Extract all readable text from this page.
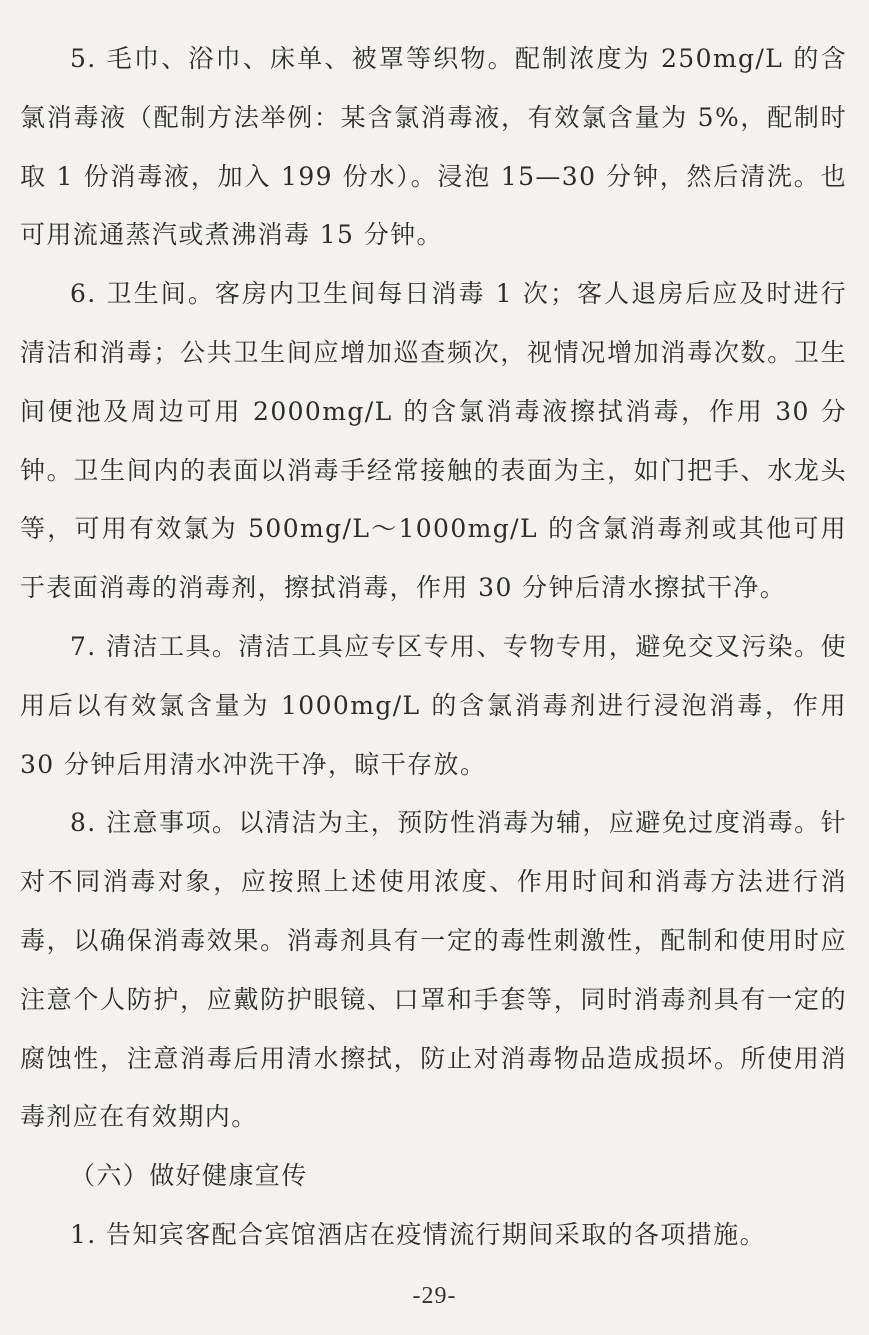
5. 毛巾、浴巾、床单、被罩等织物。配制浓度为 250mg/L 的含氯消毒液（配制方法举例：某含氯消毒液，有效氯含量为 5%，配制时取 1 份消毒液，加入 199 份水）。浸泡 15—30 分钟，然后清洗。也可用流通蒸汽或煮沸消毒 15 分钟。

6. 卫生间。客房内卫生间每日消毒 1 次；客人退房后应及时进行清洁和消毒；公共卫生间应增加巡查频次，视情况增加消毒次数。卫生间便池及周边可用 2000mg/L 的含氯消毒液擦拭消毒，作用 30 分钟。卫生间内的表面以消毒手经常接触的表面为主，如门把手、水龙头等，可用有效氯为 500mg/L～1000mg/L 的含氯消毒剂或其他可用于表面消毒的消毒剂，擦拭消毒，作用 30 分钟后清水擦拭干净。

7. 清洁工具。清洁工具应专区专用、专物专用，避免交叉污染。使用后以有效氯含量为 1000mg/L 的含氯消毒剂进行浸泡消毒，作用 30 分钟后用清水冲洗干净，晾干存放。

8. 注意事项。以清洁为主，预防性消毒为辅，应避免过度消毒。针对不同消毒对象，应按照上述使用浓度、作用时间和消毒方法进行消毒，以确保消毒效果。消毒剂具有一定的毒性刺激性，配制和使用时应注意个人防护，应戴防护眼镜、口罩和手套等，同时消毒剂具有一定的腐蚀性，注意消毒后用清水擦拭，防止对消毒物品造成损坏。所使用消毒剂应在有效期内。

（六）做好健康宣传

1. 告知宾客配合宾馆酒店在疫情流行期间采取的各项措施。

-29-
